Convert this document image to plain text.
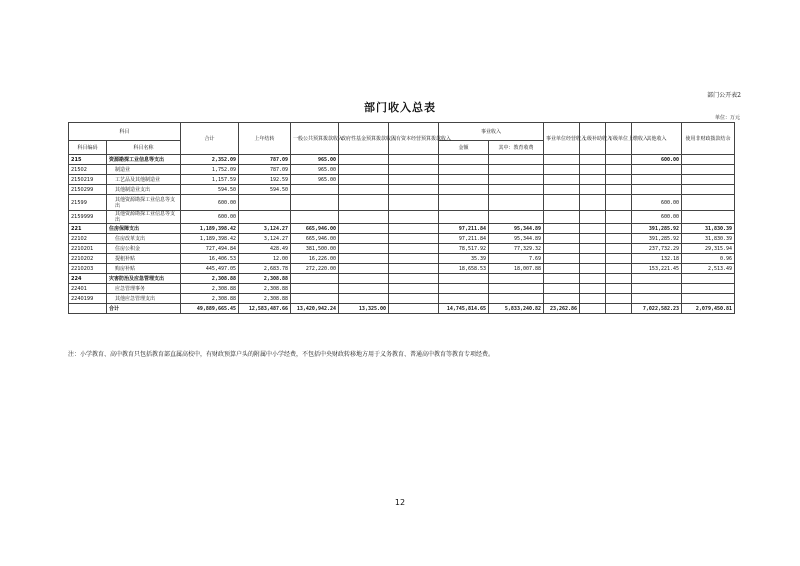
部门公开表2
部门收入总表
单位：万元
科目		合计	上年结转	一般公共预算拨款收入	政府性基金预算拨款收入	国有资本经营预算拨款收入	事业收入		事业单位经营收入	上级补助收入	下级单位上缴收入	其他收入	使用非财政拨款结余
科目编码	科目名称						金额	其中：教育收费					
215	资源勘探工业信息等支出	2,352.09	787.09	965.00								600.00	
21502	制造业	1,752.09	787.09	965.00									
2150219	工艺品及其他制造业	1,157.59	192.59	965.00									
2150299	其他制造业支出	594.50	594.50										
21599	其他资源勘探工业信息等支出	600.00										600.00	
2159999	其他资源勘探工业信息等支出	600.00										600.00	
221	住房保障支出	1,189,398.42	3,124.27	665,946.00			97,211.84	95,344.89				391,285.92	31,830.39
22102	住房改革支出	1,189,398.42	3,124.27	665,946.00			97,211.84	95,344.89				391,285.92	31,830.39
2210201	住房公积金	727,494.84	428.49	381,500.00			78,517.92	77,329.32				237,732.29	29,315.94
2210202	提租补贴	16,406.53	12.00	16,226.00			35.39	7.69				132.18	0.96
2210203	购房补贴	445,497.05	2,683.78	272,220.00			18,658.53	18,007.88				153,221.45	2,513.49
224	灾害防治及应急管理支出	2,308.88	2,308.88										
22401	应急管理事务	2,308.88	2,308.88										
2240199	其他应急管理支出	2,308.88	2,308.88										
	合计	49,889,665.45	12,583,487.66	13,420,942.24	13,325.00		14,745,814.65	5,833,240.82	23,262.86			7,022,582.23	2,079,450.81
注：小学教育、高中教育只包括教育部直属高校中，有财政预算户头的附属中小学经费，不包括中央财政转移地方用于义务教育、普通高中教育等教育专项经费。
12
